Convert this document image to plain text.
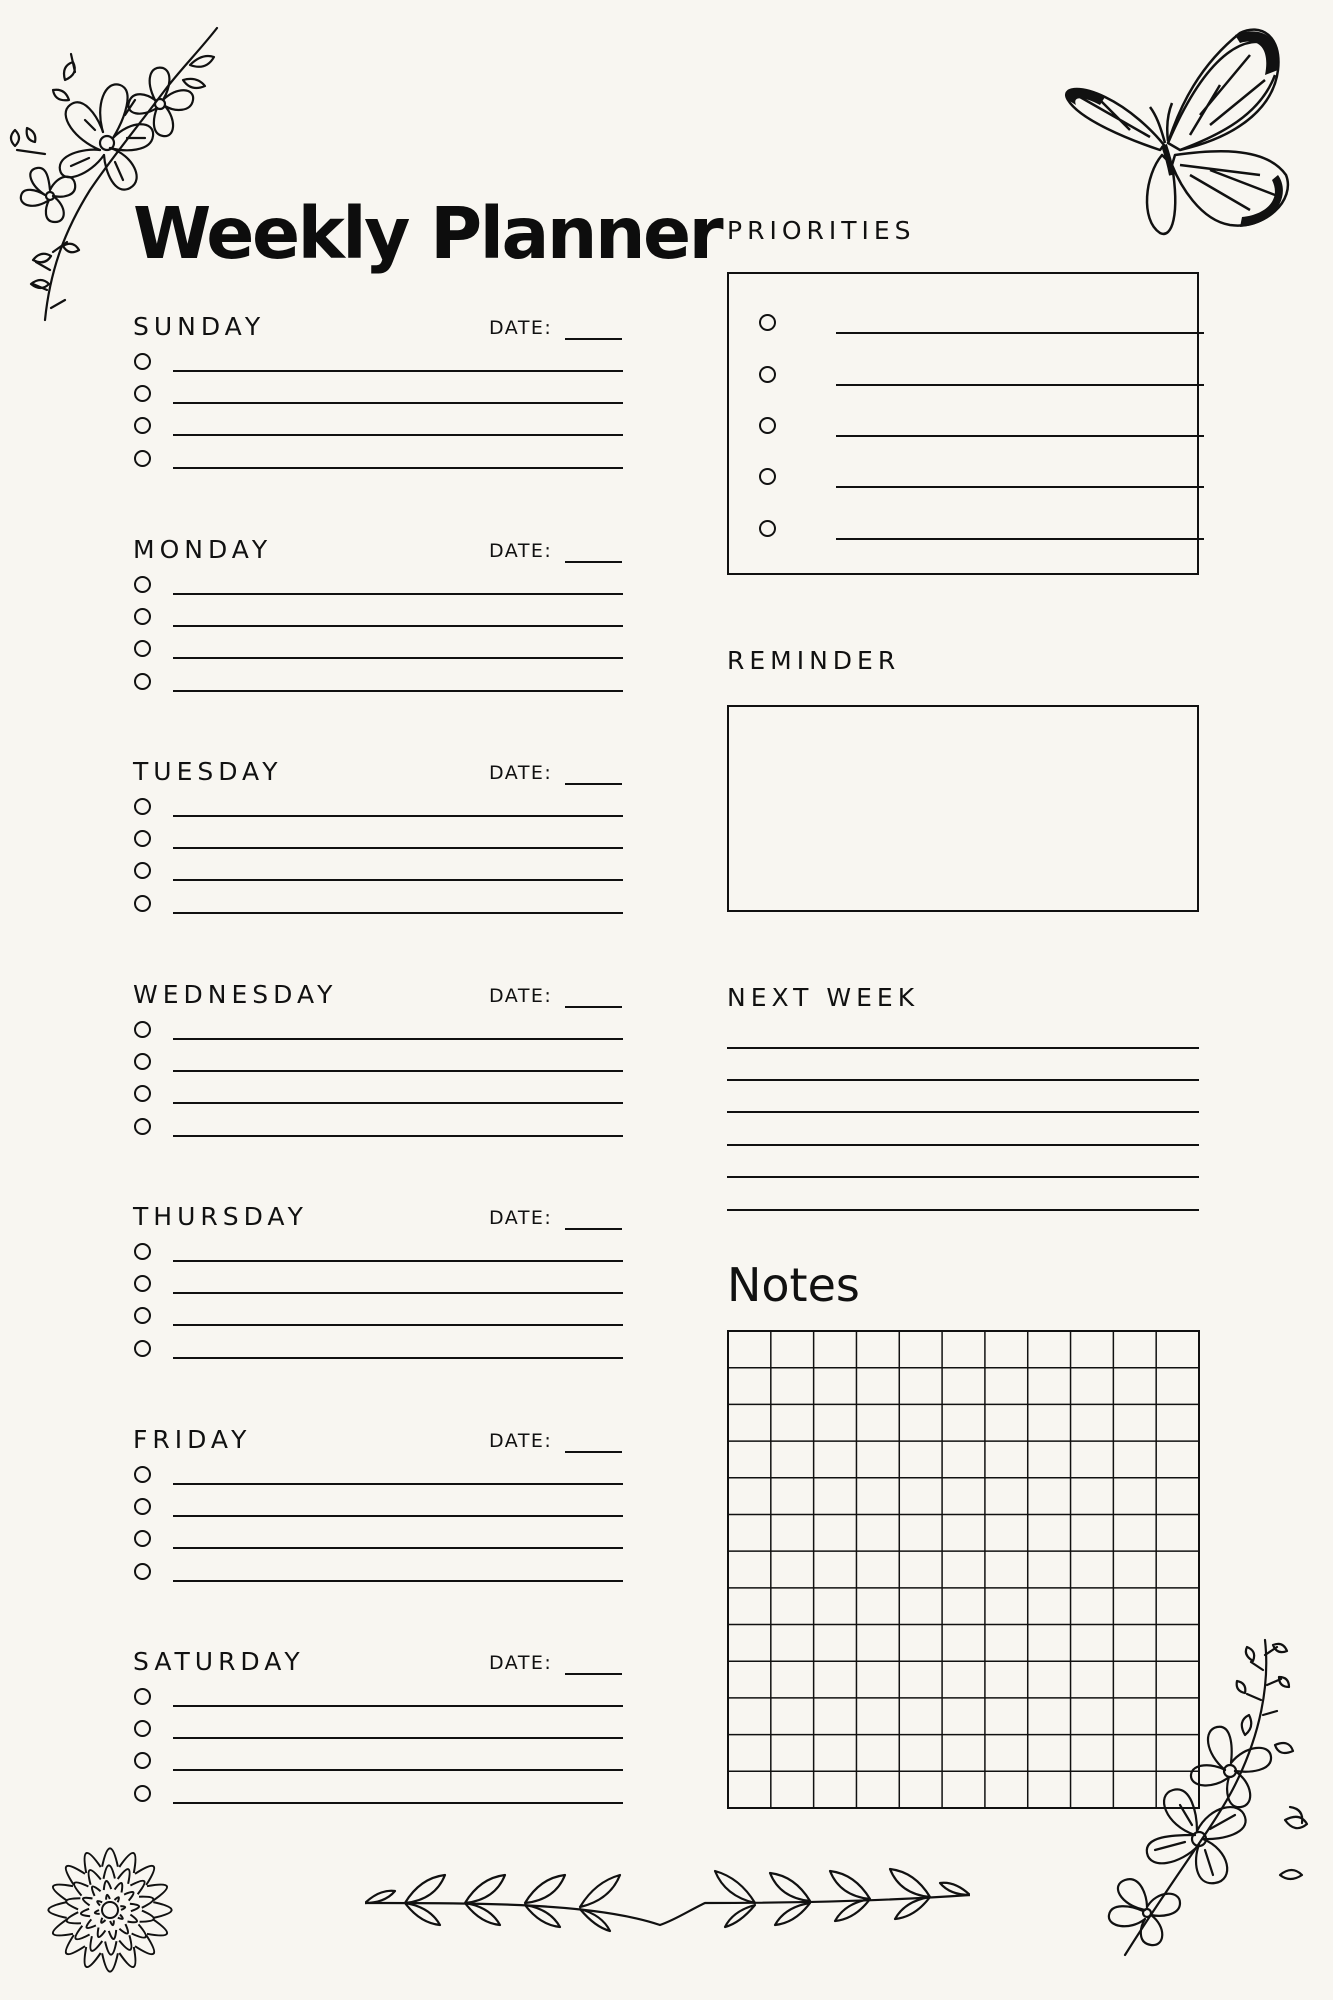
Weekly Planner
SUNDAY	DATE:
MONDAY	DATE:
TUESDAY	DATE:
WEDNESDAY	DATE:
THURSDAY	DATE:
FRIDAY	DATE:
SATURDAY	DATE:
PRIORITIES
REMINDER
NEXT WEEK
Notes
